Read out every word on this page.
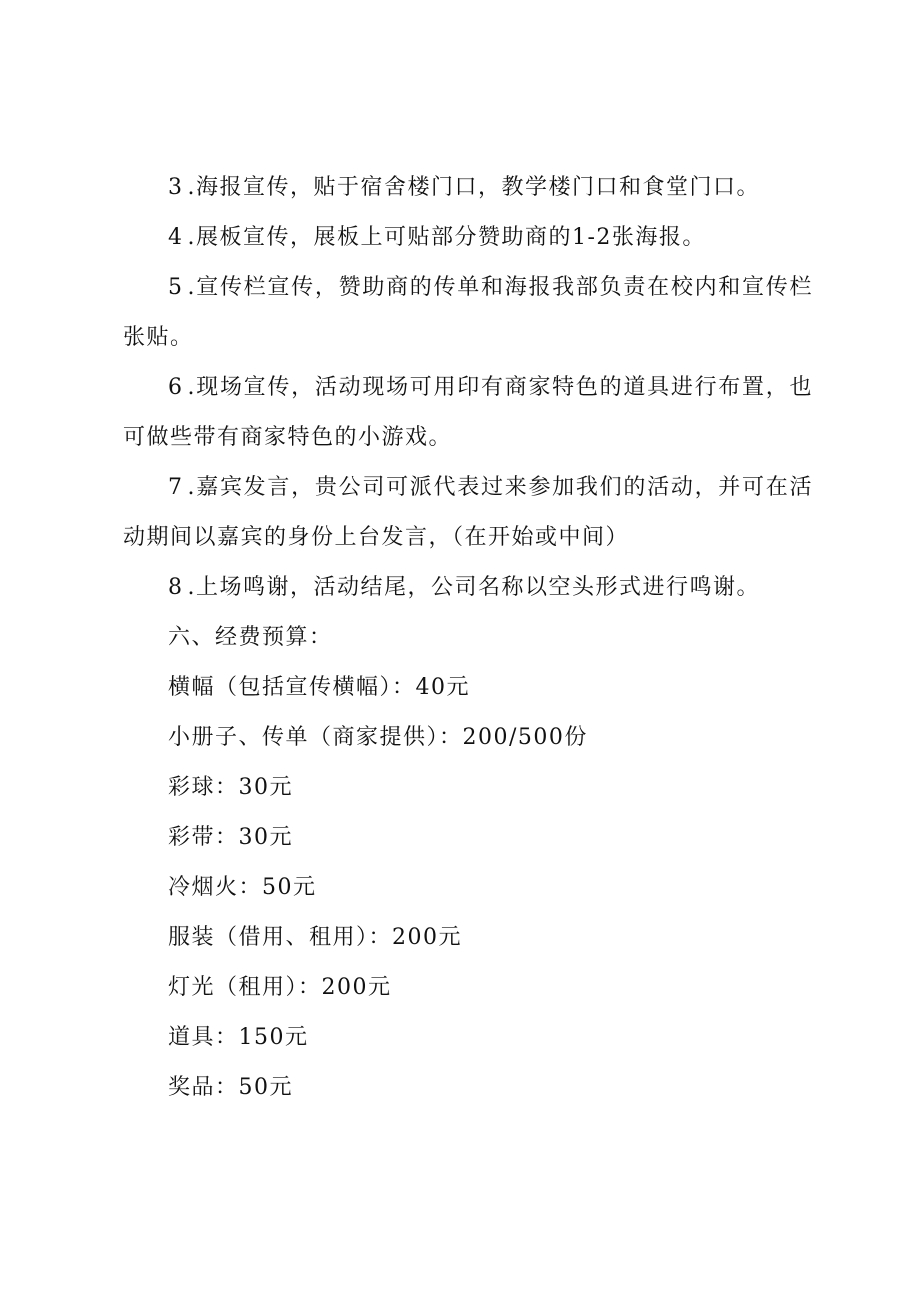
3 .海报宣传，贴于宿舍楼门口，教学楼门口和食堂门口。

4 .展板宣传，展板上可贴部分赞助商的1-2张海报。

5 .宣传栏宣传，赞助商的传单和海报我部负责在校内和宣传栏张贴。

6 .现场宣传，活动现场可用印有商家特色的道具进行布置，也可做些带有商家特色的小游戏。

7 .嘉宾发言，贵公司可派代表过来参加我们的活动，并可在活动期间以嘉宾的身份上台发言，（在开始或中间）

8 .上场鸣谢，活动结尾，公司名称以空头形式进行鸣谢。

六、经费预算：

横幅（包括宣传横幅）：40元

小册子、传单（商家提供）：200/500份

彩球：30元

彩带：30元

冷烟火：50元

服装（借用、租用）：200元

灯光（租用）：200元

道具：150元

奖品：50元
